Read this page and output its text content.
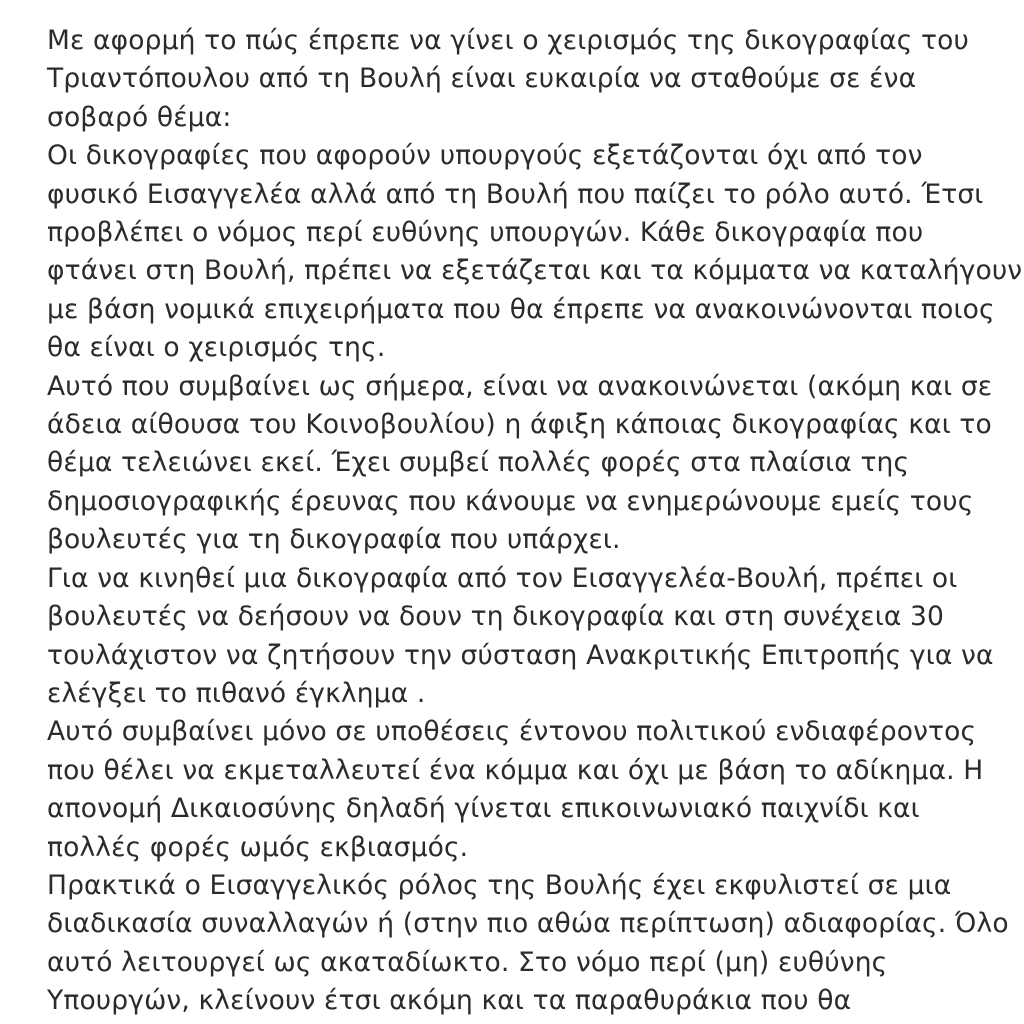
Με αφορμή το πώς έπρεπε να γίνει ο χειρισμός της δικογραφίας του
Τριαντόπουλου από τη Βουλή είναι ευκαιρία να σταθούμε σε ένα
σοβαρό θέμα:

Οι δικογραφίες που αφορούν υπουργούς εξετάζονται όχι από τον
φυσικό Εισαγγελέα αλλά από τη Βουλή που παίζει το ρόλο αυτό. Έτσι
προβλέπει ο νόμος περί ευθύνης υπουργών. Κάθε δικογραφία που
φτάνει στη Βουλή, πρέπει να εξετάζεται και τα κόμματα να καταλήγουν
με βάση νομικά επιχειρήματα που θα έπρεπε να ανακοινώνονται ποιος
θα είναι ο χειρισμός της.

Αυτό που συμβαίνει ως σήμερα, είναι να ανακοινώνεται (ακόμη και σε
άδεια αίθουσα του Κοινοβουλίου) η άφιξη κάποιας δικογραφίας και το
θέμα τελειώνει εκεί. Έχει συμβεί πολλές φορές στα πλαίσια της
δημοσιογραφικής έρευνας που κάνουμε να ενημερώνουμε εμείς τους
βουλευτές για τη δικογραφία που υπάρχει.

Για να κινηθεί μια δικογραφία από τον Εισαγγελέα-Βουλή, πρέπει οι
βουλευτές να δεήσουν να δουν τη δικογραφία και στη συνέχεια 30
τουλάχιστον να ζητήσουν την σύσταση Ανακριτικής Επιτροπής για να
ελέγξει το πιθανό έγκλημα .

Αυτό συμβαίνει μόνο σε υποθέσεις έντονου πολιτικού ενδιαφέροντος
που θέλει να εκμεταλλευτεί ένα κόμμα και όχι με βάση το αδίκημα. Η
απονομή Δικαιοσύνης δηλαδή γίνεται επικοινωνιακό παιχνίδι και
πολλές φορές ωμός εκβιασμός.

Πρακτικά ο Εισαγγελικός ρόλος της Βουλής έχει εκφυλιστεί σε μια
διαδικασία συναλλαγών ή (στην πιο αθώα περίπτωση) αδιαφορίας. Όλο
αυτό λειτουργεί ως ακαταδίωκτο. Στο νόμο περί (μη) ευθύνης
Υπουργών, κλείνουν έτσι ακόμη και τα παραθυράκια που θα
